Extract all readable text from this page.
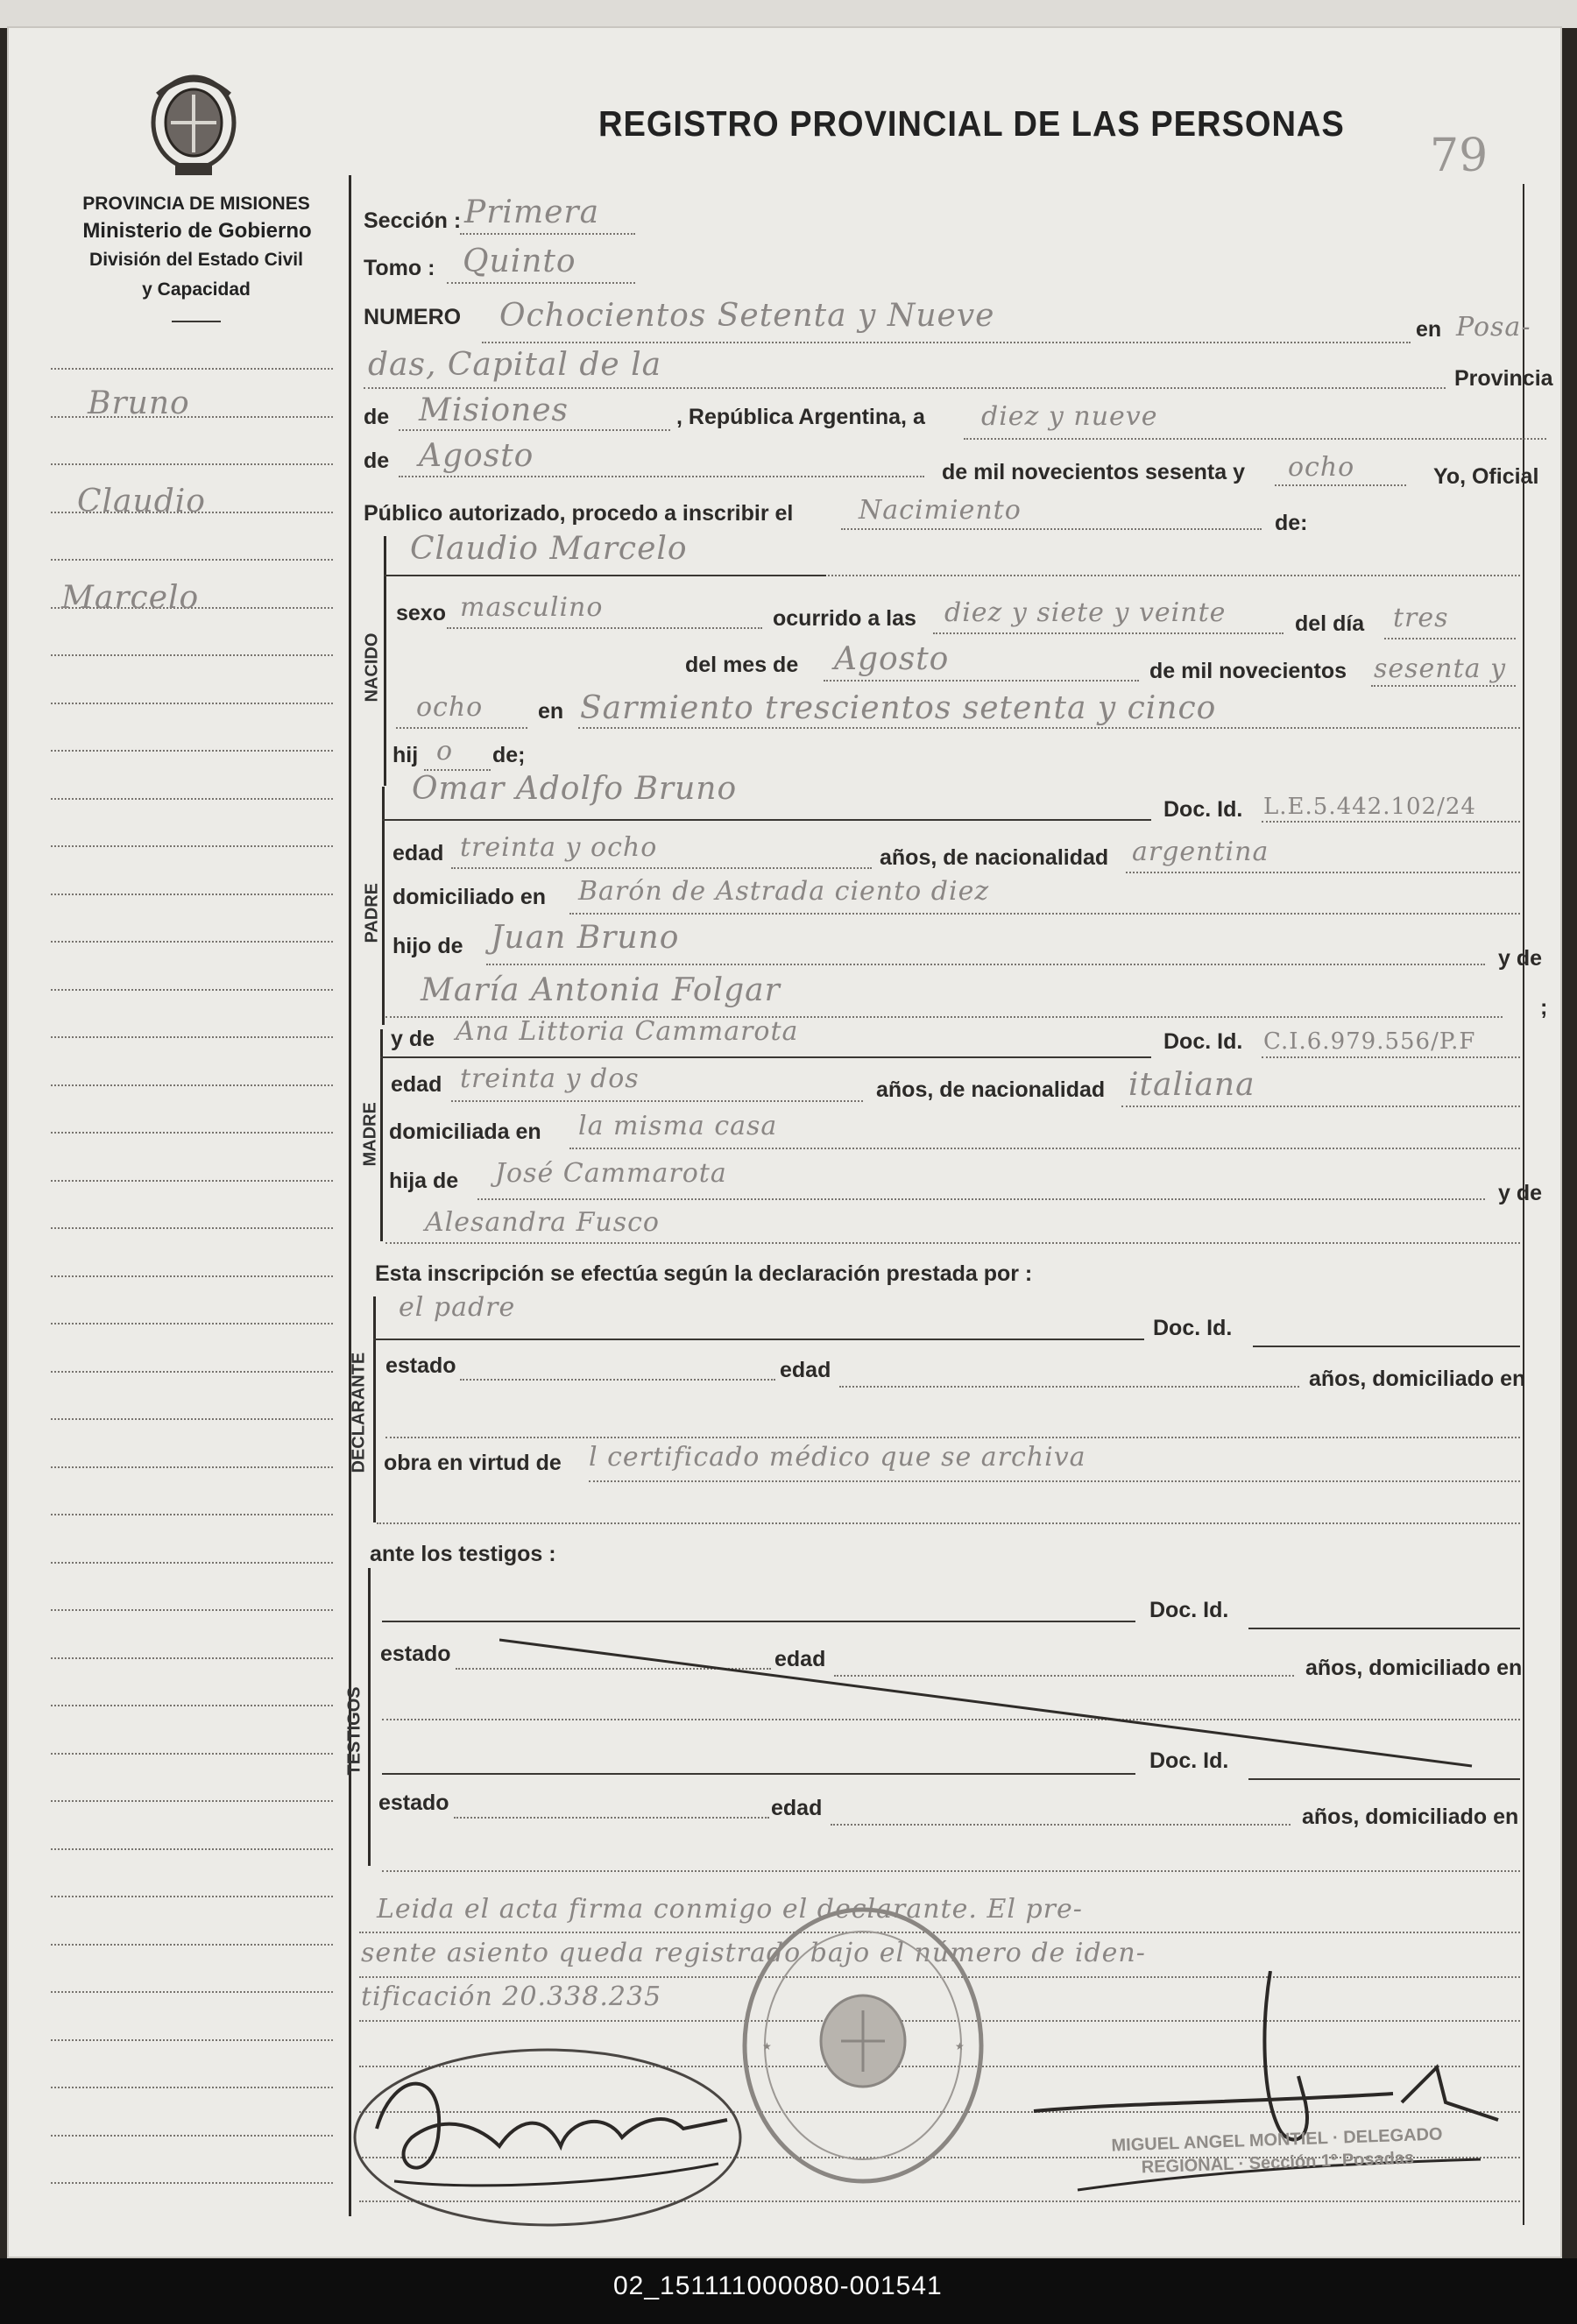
REGISTRO PROVINCIAL DE LAS PERSONAS
79
PROVINCIA DE MISIONES
Ministerio de Gobierno
División del Estado Civil
y Capacidad
Bruno
Claudio
Marcelo
NACIDO
PADRE
MADRE
DECLARANTE
TESTIGOS
Sección : Primera
Tomo : Quinto
NUMERO Ochocientos Setenta y Nueve	en Posa-
das, Capital de la	Provincia
de Misiones	, República Argentina, a diez y nueve
de Agosto	de mil novecientos sesenta y ocho	Yo, Oficial
Público autorizado, procedo a inscribir el Nacimiento	de:
Claudio Marcelo
sexo masculino	ocurrido a las diez y siete y veinte	del día tres
del mes de Agosto	de mil novecientos sesenta y
ocho	en Sarmiento trescientos setenta y cinco
hij o de;
Omar Adolfo Bruno
Doc. Id. L.E.5.442.102/24
edad treinta y ocho	años, de nacionalidad argentina
domiciliado en Barón de Astrada ciento diez
hijo de Juan Bruno
y de
María Antonia Folgar	;
y de Ana Littoria Cammarota	Doc. Id. C.I.6.979.556/P.F
edad treinta y dos	años, de nacionalidad italiana
domiciliada en la misma casa
hija de José Cammarota
y de
Alesandra Fusco
Esta inscripción se efectúa según la declaración prestada por :
el padre
Doc. Id.
estado	edad	años, domiciliado en
obra en virtud de l certificado médico que se archiva
ante los testigos :
Doc. Id.
estado	edad	años, domiciliado en
Doc. Id.
estado	edad	años, domiciliado en
Leida el acta firma conmigo el declarante. El pre-
sente asiento queda registrado bajo el número de iden-
tificación 20.338.235
★
★
MIGUEL ANGEL MONTIEL · DELEGADO REGIONAL · Sección 1º Posadas
02_151111000080-001541
